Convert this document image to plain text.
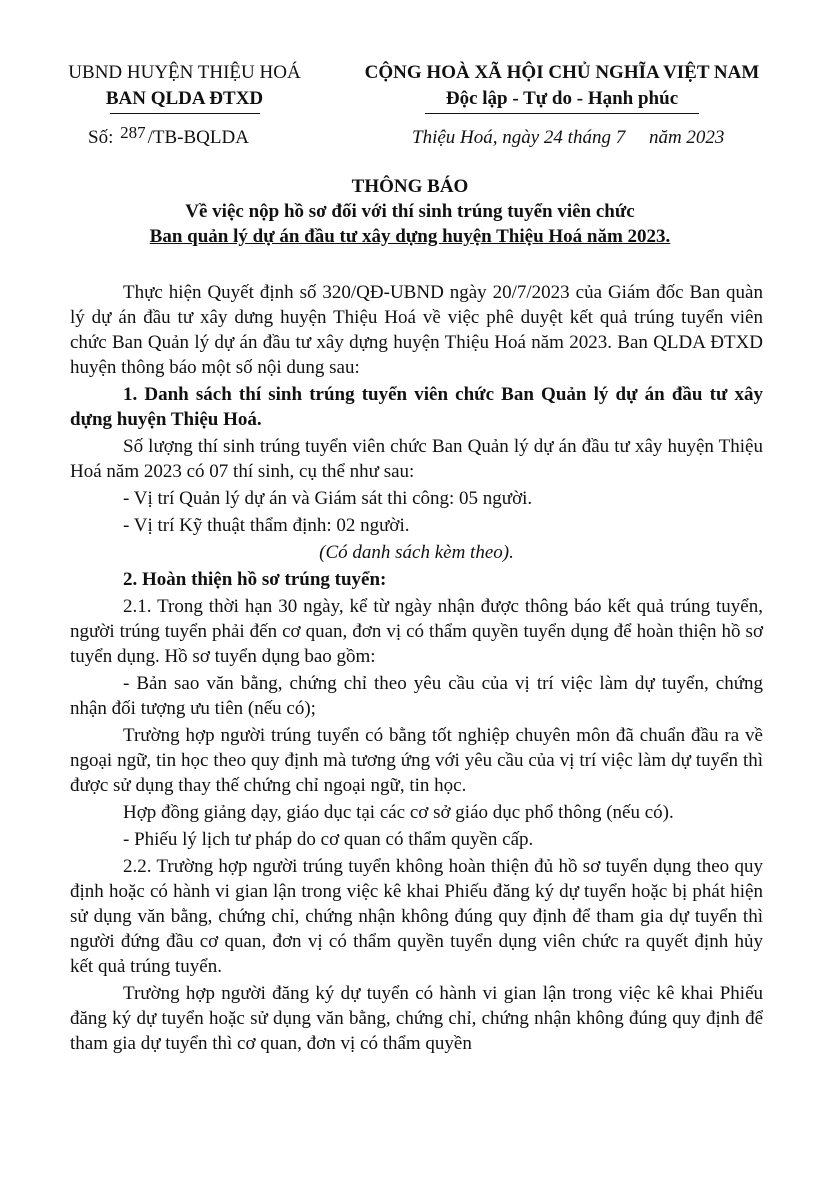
UBND HUYỆN THIỆU HOÁ
BAN QLDA ĐTXD
CỘNG HOÀ XÃ HỘI CHỦ NGHĨA VIỆT NAM
Độc lập - Tự do - Hạnh phúc
Số: 287 /TB-BQLDA	Thiệu Hoá, ngày 24 tháng 7     năm 2023
THÔNG BÁO
Về việc nộp hồ sơ đối với thí sinh trúng tuyển viên chức
Ban quản lý dự án đầu tư xây dựng huyện Thiệu Hoá năm 2023.

Thực hiện Quyết định số 320/QĐ-UBND ngày 20/7/2023 của Giám đốc Ban quàn lý dự án đầu tư xây dưng huyện Thiệu Hoá về việc phê duyệt kết quả trúng tuyển viên chức Ban Quản lý dự án đầu tư xây dựng huyện Thiệu Hoá năm 2023. Ban QLDA ĐTXD huyện thông báo một số nội dung sau:

1. Danh sách thí sinh trúng tuyển viên chức Ban Quản lý dự án đầu tư xây dựng huyện Thiệu Hoá.

Số lượng thí sinh trúng tuyển viên chức Ban Quản lý dự án đầu tư xây huyện Thiệu Hoá năm 2023 có 07 thí sinh, cụ thể như sau:

- Vị trí Quản lý dự án và Giám sát thi công: 05 người.

- Vị trí Kỹ thuật thẩm định: 02 người.

(Có danh sách kèm theo).

2. Hoàn thiện hồ sơ trúng tuyển:

2.1. Trong thời hạn 30 ngày, kể từ ngày nhận được thông báo kết quả trúng tuyển, người trúng tuyển phải đến cơ quan, đơn vị có thẩm quyền tuyển dụng để hoàn thiện hồ sơ tuyển dụng. Hồ sơ tuyển dụng bao gồm:

- Bản sao văn bằng, chứng chỉ theo yêu cầu của vị trí việc làm dự tuyển, chứng nhận đối tượng ưu tiên (nếu có);

Trường hợp người trúng tuyển có bằng tốt nghiệp chuyên môn đã chuẩn đầu ra về ngoại ngữ, tin học theo quy định mà tương ứng với yêu cầu của vị trí việc làm dự tuyển thì được sử dụng thay thế chứng chỉ ngoại ngữ, tin học.

Hợp đồng giảng dạy, giáo dục tại các cơ sở giáo dục phổ thông (nếu có).

- Phiếu lý lịch tư pháp do cơ quan có thẩm quyền cấp.

2.2. Trường hợp người trúng tuyển không hoàn thiện đủ hồ sơ tuyển dụng theo quy định hoặc có hành vi gian lận trong việc kê khai Phiếu đăng ký dự tuyển hoặc bị phát hiện sử dụng văn bằng, chứng chỉ, chứng nhận không đúng quy định để tham gia dự tuyển thì người đứng đầu cơ quan, đơn vị có thẩm quyền tuyển dụng viên chức ra quyết định hủy kết quả trúng tuyển.

Trường hợp người đăng ký dự tuyển có hành vi gian lận trong việc kê khai Phiếu đăng ký dự tuyển hoặc sử dụng văn bằng, chứng chỉ, chứng nhận không đúng quy định để tham gia dự tuyển thì cơ quan, đơn vị có thẩm quyền
